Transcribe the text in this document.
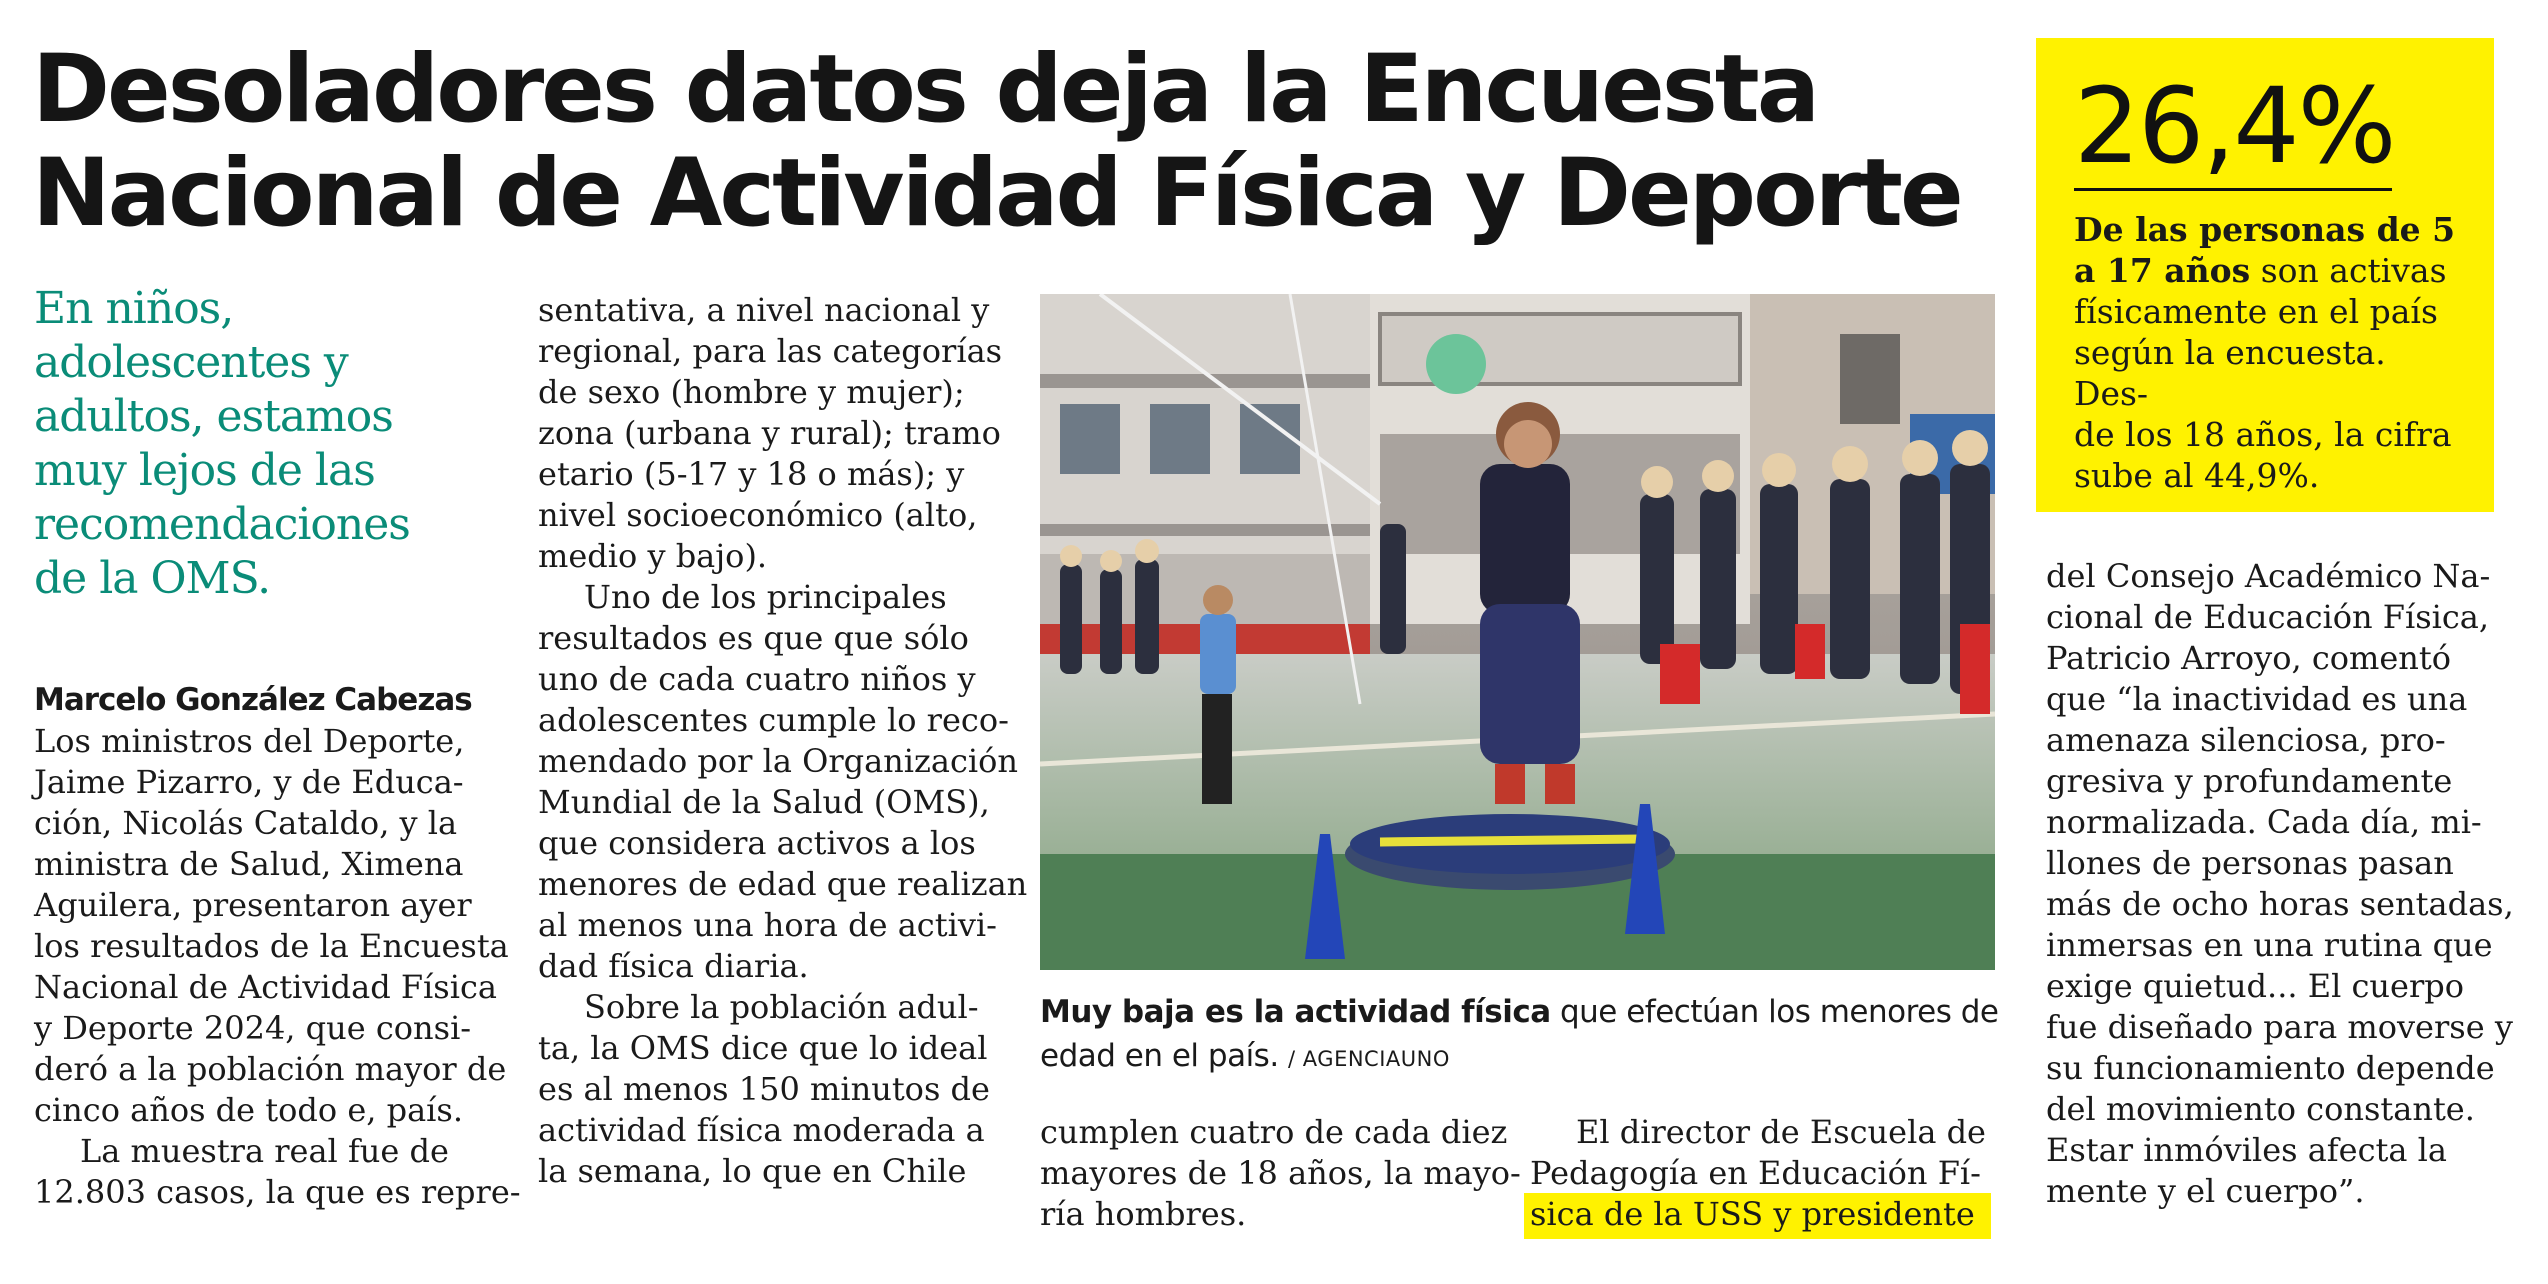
Desoladores datos deja la Encuesta
Nacional de Actividad Física y Deporte
26,4%
De las personas de 5
a 17 años son activas
físicamente en el país
según la encuesta. Des-
de los 18 años, la cifra
sube al 44,9%.
En niños,
adolescentes y
adultos, estamos
muy lejos de las
recomendaciones
de la OMS.
Marcelo González Cabezas
Los ministros del Deporte,
Jaime Pizarro, y de Educa-
ción, Nicolás Cataldo, y la
ministra de Salud, Ximena
Aguilera, presentaron ayer
los resultados de la Encuesta
Nacional de Actividad Física
y Deporte 2024, que consi-
deró a la población mayor de
cinco años de todo e, país.
La muestra real fue de
12.803 casos, la que es repre-
sentativa, a nivel nacional y
regional, para las categorías
de sexo (hombre y mujer);
zona (urbana y rural); tramo
etario (5-17 y 18 o más); y
nivel socioeconómico (alto,
medio y bajo).
Uno de los principales
resultados es que que sólo
uno de cada cuatro niños y
adolescentes cumple lo reco-
mendado por la Organización
Mundial de la Salud (OMS),
que considera activos a los
menores de edad que realizan
al menos una hora de activi-
dad física diaria.
Sobre la población adul-
ta, la OMS dice que lo ideal
es al menos 150 minutos de
actividad física moderada a
la semana, lo que en Chile
Muy baja es la actividad física que efectúan los menores de
edad en el país. / AGENCIAUNO
cumplen cuatro de cada diez
mayores de 18 años, la mayo-
ría hombres.
El director de Escuela de
Pedagogía en Educación Fí-
sica de la USS y presidente
del Consejo Académico Na-
cional de Educación Física,
Patricio Arroyo, comentó
que “la inactividad es una
amenaza silenciosa, pro-
gresiva y profundamente
normalizada. Cada día, mi-
llones de personas pasan
más de ocho horas sentadas,
inmersas en una rutina que
exige quietud... El cuerpo
fue diseñado para moverse y
su funcionamiento depende
del movimiento constante.
Estar inmóviles afecta la
mente y el cuerpo”.
